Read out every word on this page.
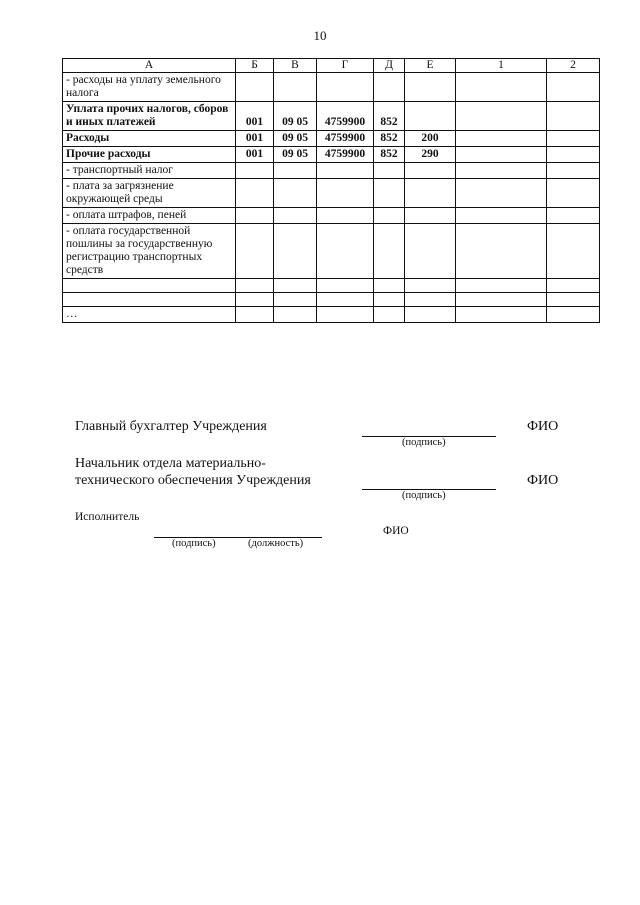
10
А	Б	В	Г	Д	Е	1	2
- расходы на уплату земельного налога							
Уплата прочих налогов, сборов и иных платежей	001	09 05	4759900	852			
Расходы	001	09 05	4759900	852	200		
Прочие расходы	001	09 05	4759900	852	290		
- транспортный налог							
- плата за загрязнение окружающей среды							
- оплата штрафов, пеней							
- оплата государственной пошлины за государственную регистрацию транспортных средств							

…							
Главный бухгалтер Учреждения
(подпись)
ФИО
Начальник отдела материально-
технического обеспечения Учреждения
(подпись)
ФИО
Исполнитель
(подпись)	(должность)
ФИО
